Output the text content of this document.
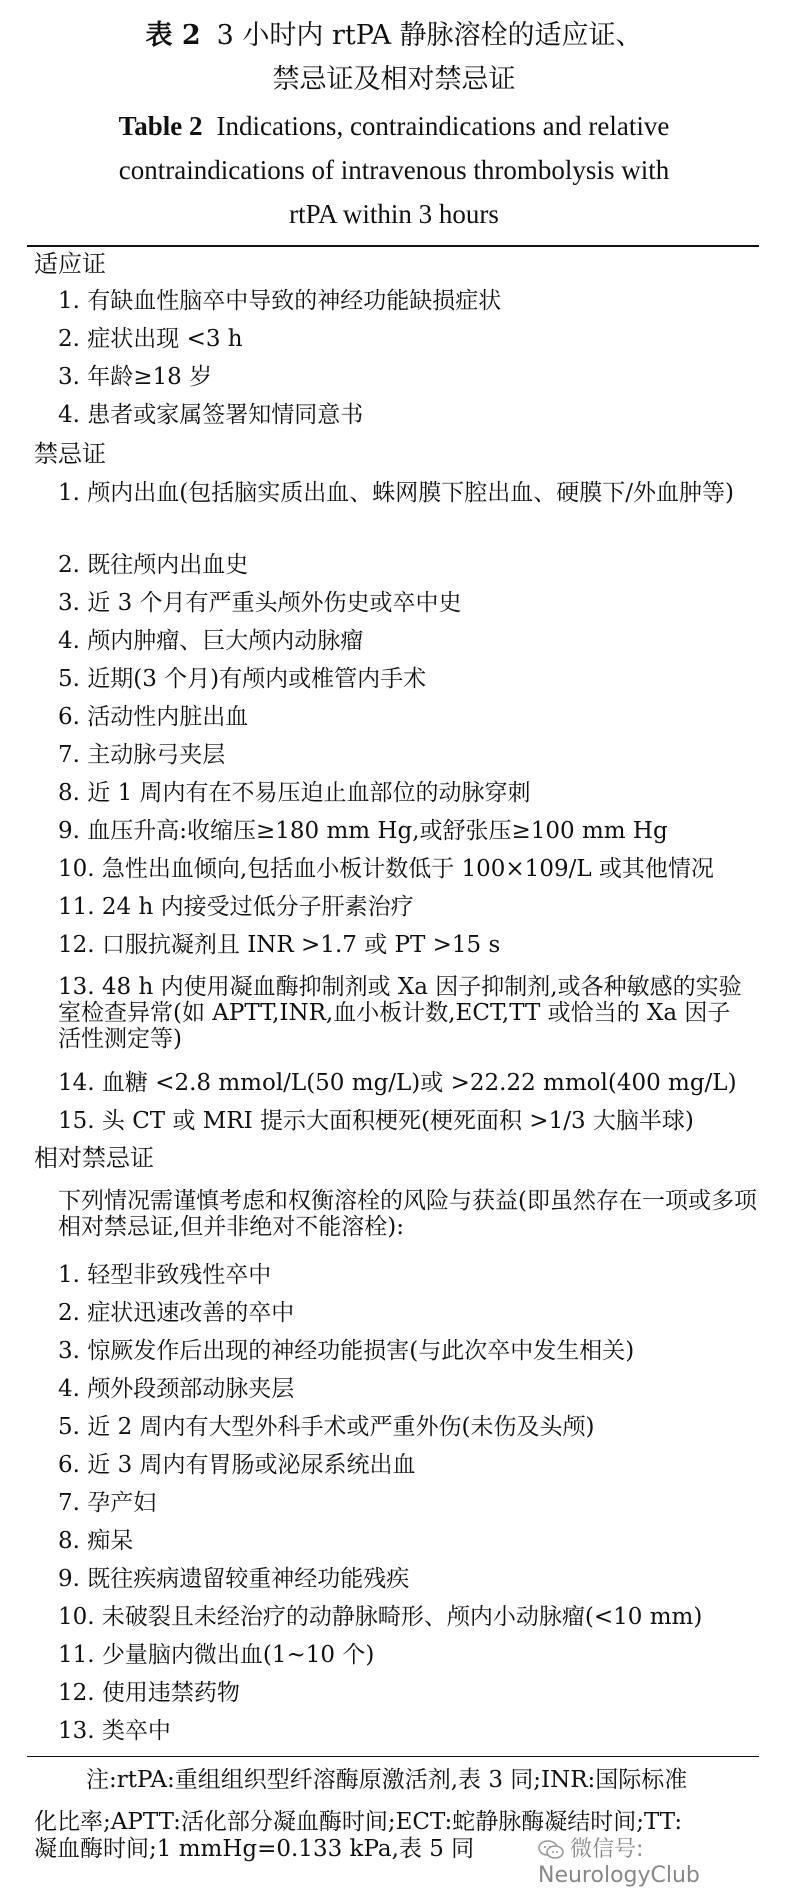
表 2 3 小时内 rtPA 静脉溶栓的适应证、
禁忌证及相对禁忌证
Table 2 Indications, contraindications and relative
contraindications of intravenous thrombolysis with
rtPA within 3 hours
适应证
1. 有缺血性脑卒中导致的神经功能缺损症状
2. 症状出现 <3 h
3. 年龄≥18 岁
4. 患者或家属签署知情同意书
禁忌证
1. 颅内出血(包括脑实质出血、蛛网膜下腔出血、硬膜下/外血肿等)
2. 既往颅内出血史
3. 近 3 个月有严重头颅外伤史或卒中史
4. 颅内肿瘤、巨大颅内动脉瘤
5. 近期(3 个月)有颅内或椎管内手术
6. 活动性内脏出血
7. 主动脉弓夹层
8. 近 1 周内有在不易压迫止血部位的动脉穿刺
9. 血压升高:收缩压≥180 mm Hg,或舒张压≥100 mm Hg
10. 急性出血倾向,包括血小板计数低于 100×109/L 或其他情况
11. 24 h 内接受过低分子肝素治疗
12. 口服抗凝剂且 INR >1.7 或 PT >15 s
13. 48 h 内使用凝血酶抑制剂或 Xa 因子抑制剂,或各种敏感的实验室检查异常(如 APTT,INR,血小板计数,ECT,TT 或恰当的 Xa 因子活性测定等)
14. 血糖 <2.8 mmol/L(50 mg/L)或 >22.22 mmol(400 mg/L)
15. 头 CT 或 MRI 提示大面积梗死(梗死面积 >1/3 大脑半球)
相对禁忌证
下列情况需谨慎考虑和权衡溶栓的风险与获益(即虽然存在一项或多项相对禁忌证,但并非绝对不能溶栓):
1. 轻型非致残性卒中
2. 症状迅速改善的卒中
3. 惊厥发作后出现的神经功能损害(与此次卒中发生相关)
4. 颅外段颈部动脉夹层
5. 近 2 周内有大型外科手术或严重外伤(未伤及头颅)
6. 近 3 周内有胃肠或泌尿系统出血
7. 孕产妇
8. 痴呆
9. 既往疾病遗留较重神经功能残疾
10. 未破裂且未经治疗的动静脉畸形、颅内小动脉瘤(<10 mm)
11. 少量脑内微出血(1~10 个)
12. 使用违禁药物
13. 类卒中
注:rtPA:重组组织型纤溶酶原激活剂,表 3 同;INR:国际标准
化比率;APTT:活化部分凝血酶时间;ECT:蛇静脉酶凝结时间;TT:
凝血酶时间;1 mmHg=0.133 kPa,表 5 同	微信号: NeurologyClub
